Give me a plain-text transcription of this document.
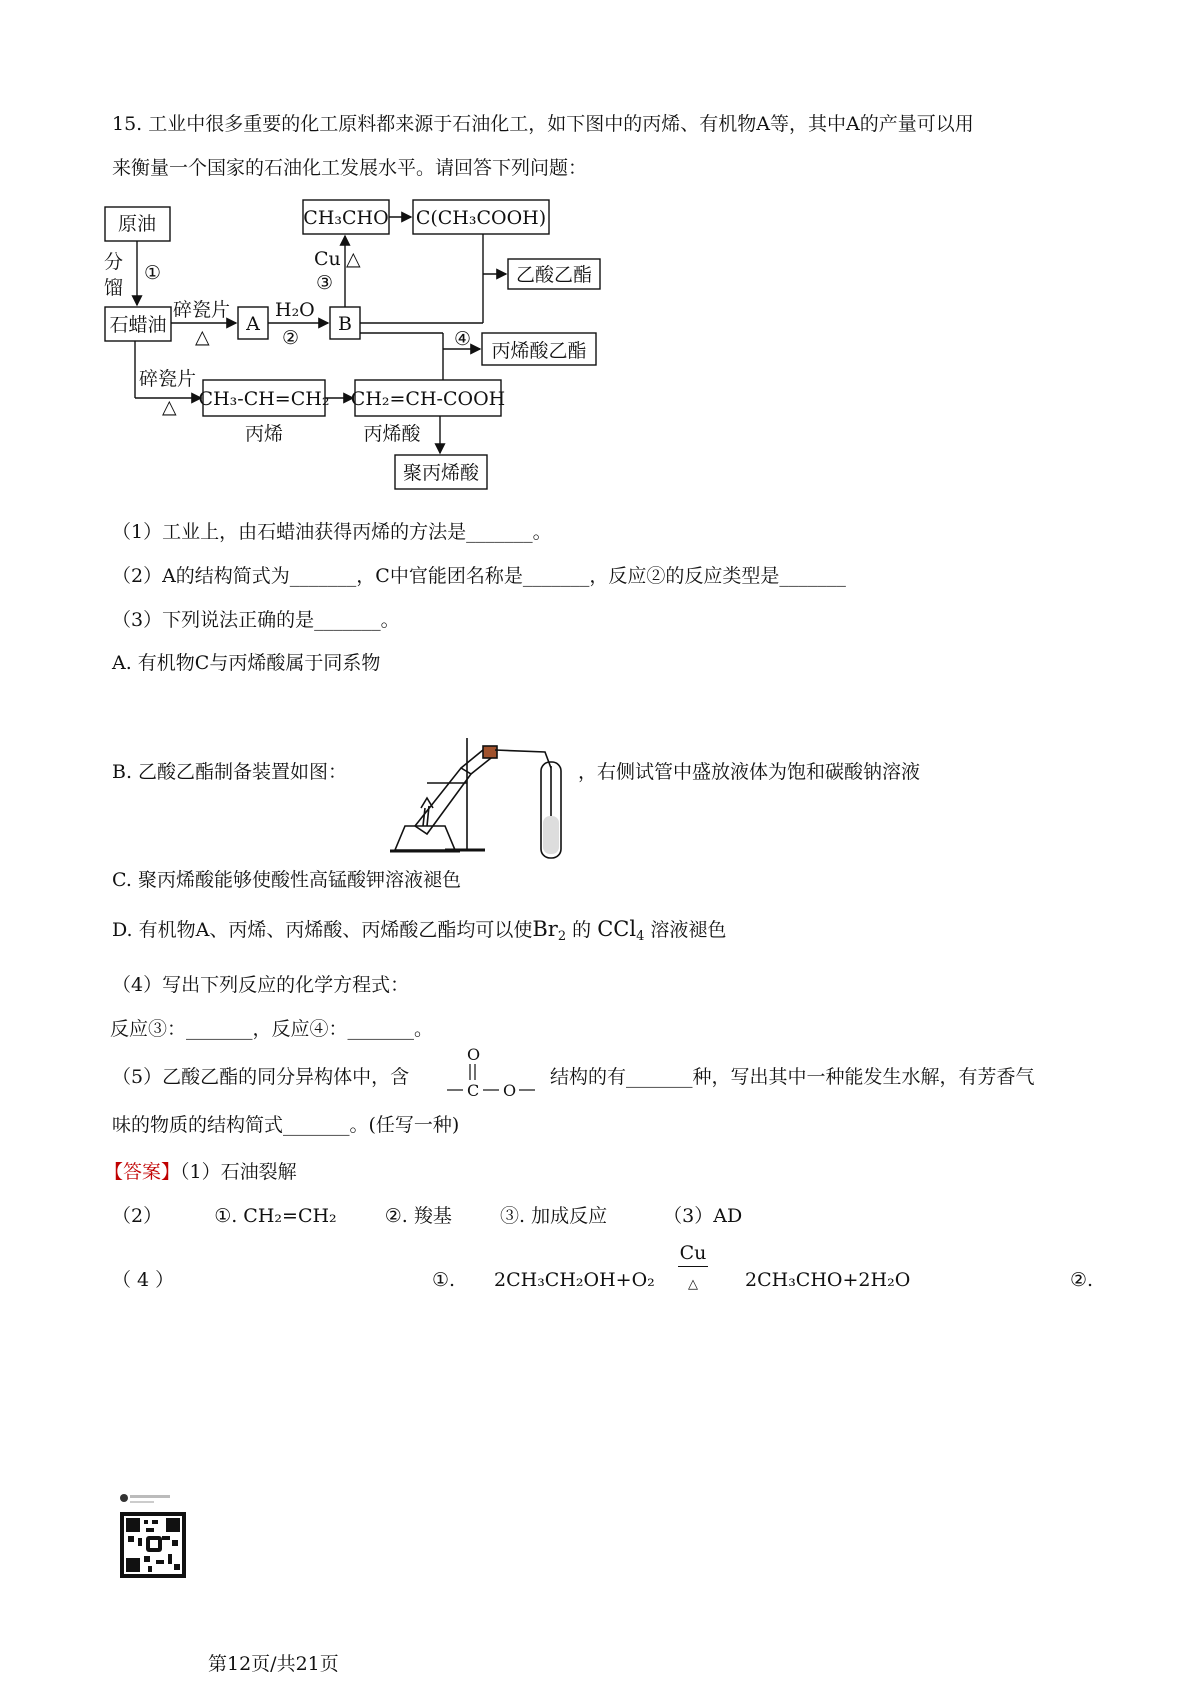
15. 工业中很多重要的化工原料都来源于石油化工，如下图中的丙烯、有机物A等，其中A的产量可以用
来衡量一个国家的石油化工发展水平。请回答下列问题：
原油
分
馏
①
石蜡油
碎瓷片
△
A
H₂O
②
B
Cu △
③
CH₃CHO C(CH₃COOH)
乙酸乙酯
④
丙烯酸乙酯
碎瓷片
△ CH₃-CH=CH₂
丙烯
CH₂=CH-COOH
丙烯酸
聚丙烯酸
（1）工业上，由石蜡油获得丙烯的方法是_______。
（2）A的结构简式为_______，C中官能团名称是_______，反应②的反应类型是_______
（3）下列说法正确的是_______。
A. 有机物C与丙烯酸属于同系物
B. 乙酸乙酯制备装置如图：	，右侧试管中盛放液体为饱和碳酸钠溶液
C. 聚丙烯酸能够使酸性高锰酸钾溶液褪色
D. 有机物A、丙烯、丙烯酸、丙烯酸乙酯均可以使$Br_2$ 的 CCl$_4$ 溶液褪色
（4）写出下列反应的化学方程式：
反应③：_______，反应④：_______。
（5）乙酸乙酯的同分异构体中，含
O
C O
结构的有_______种，写出其中一种能发生水解，有芳香气
味的物质的结构简式_______。(任写一种)
【答案】（1）石油裂解
（2）	①. CH₂=CH₂	②. 羧基	③. 加成反应	（3）AD
（ 4 ）	①. 2CH₃CH₂OH+O₂
Cu
△	2CH₃CHO+2H₂O	②.
第12页/共21页
